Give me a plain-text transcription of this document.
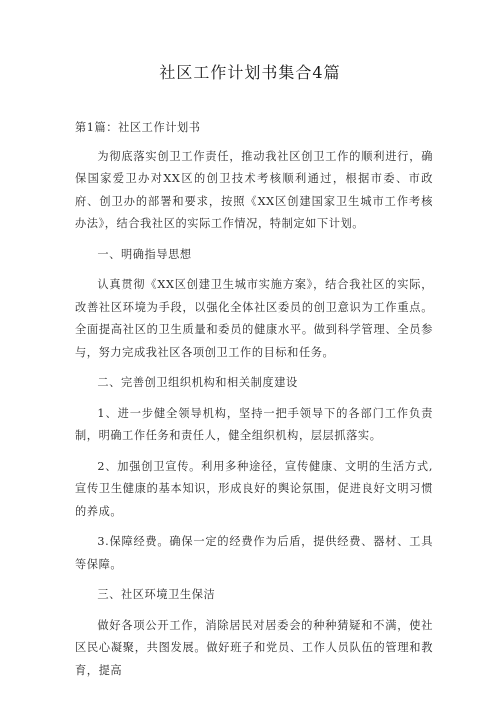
社区工作计划书集合4篇

第1篇：社区工作计划书

为彻底落实创卫工作责任，推动我社区创卫工作的顺利进行，确保国家爱卫办对XX区的创卫技术考核顺利通过，根据市委、市政府、创卫办的部署和要求，按照《XX区创建国家卫生城市工作考核办法》，结合我社区的实际工作情况，特制定如下计划。

一、明确指导思想

认真贯彻《XX区创建卫生城市实施方案》，结合我社区的实际，改善社区环境为手段，以强化全体社区委员的创卫意识为工作重点。全面提高社区的卫生质量和委员的健康水平。做到科学管理、全员参与，努力完成我社区各项创卫工作的目标和任务。

二、完善创卫组织机构和相关制度建设

1、进一步健全领导机构，坚持一把手领导下的各部门工作负责制，明确工作任务和责任人，健全组织机构，层层抓落实。

2、加强创卫宣传。利用多种途径，宣传健康、文明的生活方式,宣传卫生健康的基本知识，形成良好的舆论氛围，促进良好文明习惯的养成。

3.保障经费。确保一定的经费作为后盾，提供经费、器材、工具等保障。

三、社区环境卫生保洁

做好各项公开工作，消除居民对居委会的种种猜疑和不满，使社区民心凝聚，共图发展。做好班子和党员、工作人员队伍的管理和教育，提高
